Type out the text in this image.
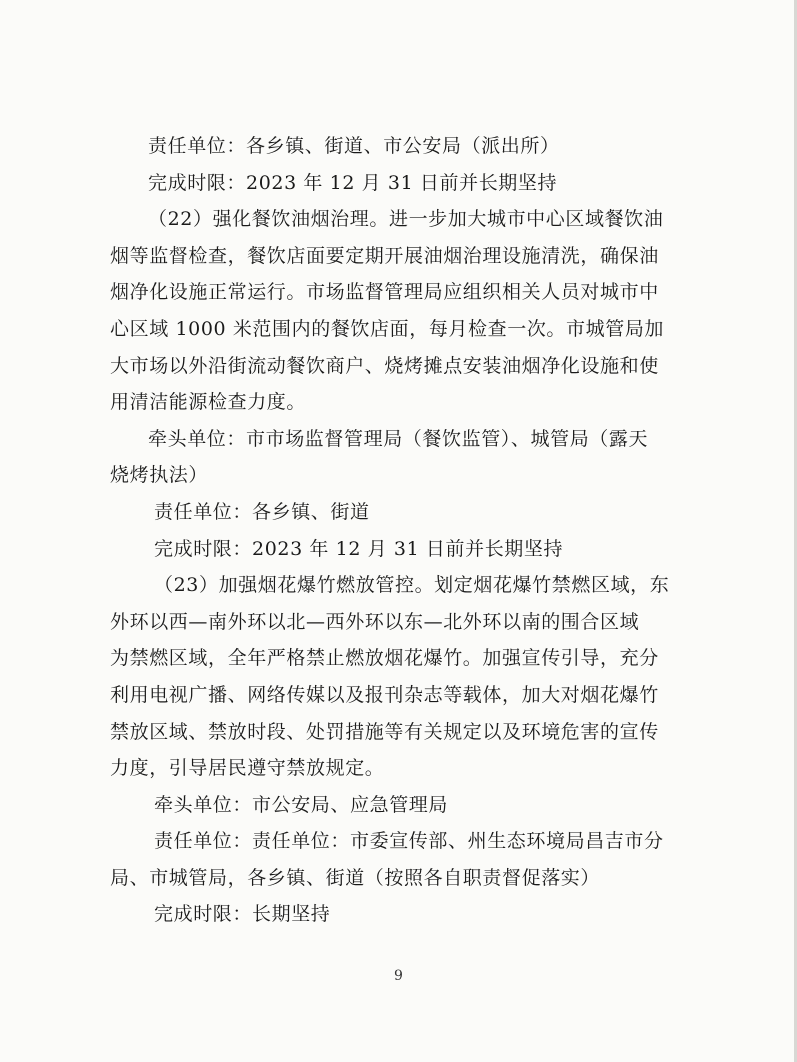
责任单位：各乡镇、街道、市公安局（派出所）
完成时限：2023 年 12 月 31 日前并长期坚持
（22）强化餐饮油烟治理。进一步加大城市中心区域餐饮油
烟等监督检查，餐饮店面要定期开展油烟治理设施清洗，确保油
烟净化设施正常运行。市场监督管理局应组织相关人员对城市中
心区域 1000 米范围内的餐饮店面，每月检查一次。市城管局加
大市场以外沿街流动餐饮商户、烧烤摊点安装油烟净化设施和使
用清洁能源检查力度。
牵头单位：市市场监督管理局（餐饮监管）、城管局（露天
烧烤执法）
责任单位：各乡镇、街道
完成时限：2023 年 12 月 31 日前并长期坚持
（23）加强烟花爆竹燃放管控。划定烟花爆竹禁燃区域，东
外环以西—南外环以北—西外环以东—北外环以南的围合区域
为禁燃区域，全年严格禁止燃放烟花爆竹。加强宣传引导，充分
利用电视广播、网络传媒以及报刊杂志等载体，加大对烟花爆竹
禁放区域、禁放时段、处罚措施等有关规定以及环境危害的宣传
力度，引导居民遵守禁放规定。
牵头单位：市公安局、应急管理局
责任单位：责任单位：市委宣传部、州生态环境局昌吉市分
局、市城管局，各乡镇、街道（按照各自职责督促落实）
完成时限：长期坚持
9
